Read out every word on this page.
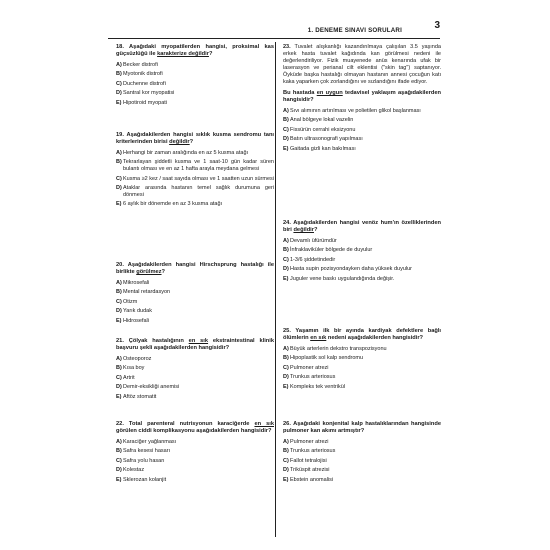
1. DENEME SINAVI SORULARI	3
18. Aşağıdaki myopatilerden hangisi, proksimal kas güçsüzlüğü ile karakterize değildir?
A) Becker distrofi
B) Myotonik distrofi
C) Duchenne distrofi
D) Santral kor myopatisi
E) Hipotiroid myopati
19. Aşağıdakilerden hangisi sıklık kusma sendromu tanı kriterlerinden birisi değildir?
A) Herhangi bir zaman aralığında en az 5 kusma atağı
B) Tekrarlayan şiddetli kusma ve 1 saat-10 gün kadar süren bulantı olması ve en az 1 hafta arayla meydana gelmesi
C) Kusma ≥2 kez / saat sayıda olması ve 1 saatten uzun sürmesi
D) Ataklar arasında hastanın temel sağlık durumuna geri dönmesi
E) 6 aylık bir dönemde en az 3 kusma atağı
20. Aşağıdakilerden hangisi Hirschsprung hastalığı ile birlikte görülmez?
A) Mikrosefali
B) Mental retardasyon
C) Otizm
D) Yarık dudak
E) Hidrosefali
21. Çölyak hastalığının en sık ekstraintestinal klinik başvuru şekli aşağıdakilerden hangisidir?
A) Osteoporoz
B) Kısa boy
C) Artrit
D) Demir-eksikliği anemisi
E) Aftöz stomatit
22. Total parenteral nutrisyonun karaciğerde en sık görülen ciddi komplikasyonu aşağıdakilerden hangisidir?
A) Karaciğer yağlanması
B) Safra kesesi hasarı
C) Safra yolu hasarı
D) Kolestaz
E) Sklerozan kolanjit
23. Tuvalet alışkanlığı kazandırılmaya çalışılan 3.5 yaşında erkek hasta tuvalet kağıdında kan görülmesi nedeni ile değerlendiriliyor. Fizik muayenede anüs kenarında ufak bir laserasyon ve perianal cilt eklentisi ("skin tag") saptanıyor. Öyküde başka hastalığı olmayan hastanın annesi çocuğun katı kaka yaparken çok zorlandığını ve sızlandığını ifade ediyor.
Bu hastada en uygun tedavisel yaklaşım aşağıdakilerden hangisidir?
A) Sıvı alımının artırılması ve polietilen glikol başlanması
B) Anal bölgeye lokal vazelin
C) Fissürün cerrahi eksizyonu
D) Batın ultrasonografi yapılması
E) Gaitada gizli kan bakılması
24. Aşağıdakilerden hangisi venöz hum'ın özelliklerinden biri değildir?
A) Devamlı üfürümdür
B) İnfraklaviküler bölgede de duyulur
C) 1-3/6 şiddetindedir
D) Hasta supin pozisyondayken daha yüksek duyulur
E) Juguler vene baskı uygulandığında değişir.
25. Yaşamın ilk bir ayında kardiyak defektlere bağlı ölümlerin en sık nedeni aşağıdakilerden hangisidir?
A) Büyük arterlerin dekstro transpozisyonu
B) Hipoplastik sol kalp sendromu
C) Pulmoner atrezi
D) Trunkus arteriosus
E) Kompleks tek ventrikül
26. Aşağıdaki konjenital kalp hastalıklarından hangisinde pulmoner kan akımı artmıştır?
A) Pulmoner atrezi
B) Trunkus arteriosus
C) Fallot tetralojisi
D) Triküspit atrezisi
E) Ebstein anomalisi
